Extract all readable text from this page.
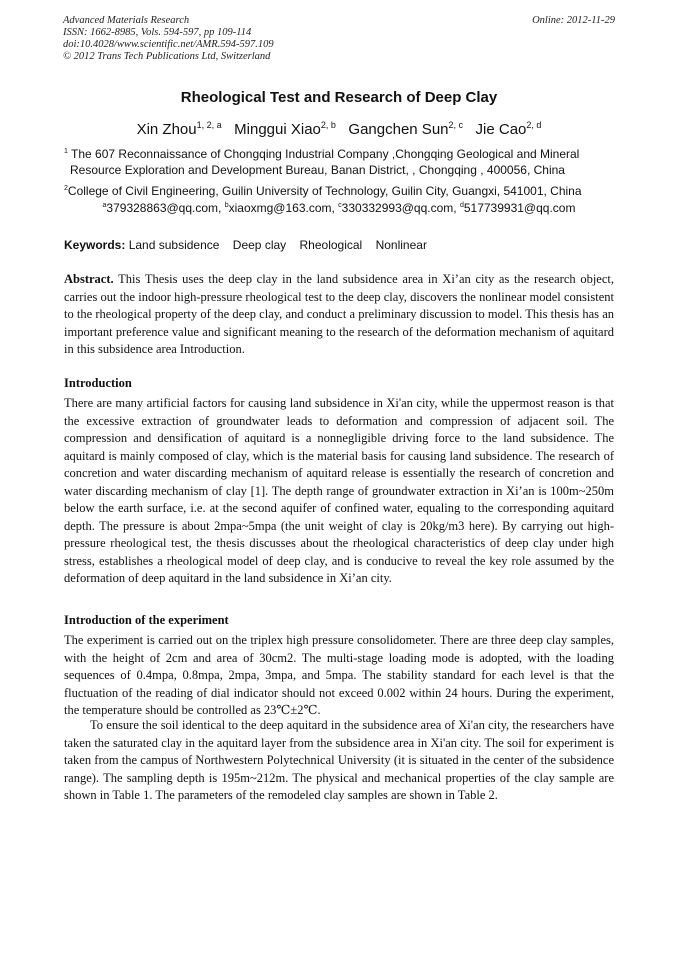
Advanced Materials Research
ISSN: 1662-8985, Vols. 594-597, pp 109-114
doi:10.4028/www.scientific.net/AMR.594-597.109
© 2012 Trans Tech Publications Ltd, Switzerland
Online: 2012-11-29
Rheological Test and Research of Deep Clay
Xin Zhou$^{1, 2, a}$ Minggui Xiao$^{2, b}$ Gangchen Sun$^{2, c}$ Jie Cao$^{2, d}$
$^1$ The 607 Reconnaissance of Chongqing Industrial Company ,Chongqing Geological and Mineral
Resource Exploration and Development Bureau, Banan District, , Chongqing , 400056, China
$^2$College of Civil Engineering, Guilin University of Technology, Guilin City, Guangxi, 541001, China
$^a$379328863@qq.com, $^b$xiaoxmg@163.com, $^c$330332993@qq.com, $^d$517739931@qq.com
Keywords: Land subsidence Deep clay Rheological Nonlinear
Abstract. This Thesis uses the deep clay in the land subsidence area in Xi’an city as the research object, carries out the indoor high-pressure rheological test to the deep clay, discovers the nonlinear model consistent to the rheological property of the deep clay, and conduct a preliminary discussion to model. This thesis has an important preference value and significant meaning to the research of the deformation mechanism of aquitard in this subsidence area Introduction.
Introduction
There are many artificial factors for causing land subsidence in Xi'an city, while the uppermost reason is that the excessive extraction of groundwater leads to deformation and compression of adjacent soil. The compression and densification of aquitard is a nonnegligible driving force to the land subsidence. The aquitard is mainly composed of clay, which is the material basis for causing land subsidence. The research of concretion and water discarding mechanism of aquitard release is essentially the research of concretion and water discarding mechanism of clay [1]. The depth range of groundwater extraction in Xi’an is 100m~250m below the earth surface, i.e. at the second aquifer of confined water, equaling to the corresponding aquitard depth. The pressure is about 2mpa~5mpa (the unit weight of clay is 20kg/m3 here). By carrying out high-pressure rheological test, the thesis discusses about the rheological characteristics of deep clay under high stress, establishes a rheological model of deep clay, and is conducive to reveal the key role assumed by the deformation of deep aquitard in the land subsidence in Xi’an city.
Introduction of the experiment
The experiment is carried out on the triplex high pressure consolidometer. There are three deep clay samples, with the height of 2cm and area of 30cm2. The multi-stage loading mode is adopted, with the loading sequences of 0.4mpa, 0.8mpa, 2mpa, 3mpa, and 5mpa. The stability standard for each level is that the fluctuation of the reading of dial indicator should not exceed 0.002 within 24 hours. During the experiment, the temperature should be controlled as 23℃±2℃.
To ensure the soil identical to the deep aquitard in the subsidence area of Xi'an city, the researchers have taken the saturated clay in the aquitard layer from the subsidence area in Xi'an city. The soil for experiment is taken from the campus of Northwestern Polytechnical University (it is situated in the center of the subsidence range). The sampling depth is 195m~212m. The physical and mechanical properties of the clay sample are shown in Table 1. The parameters of the remodeled clay samples are shown in Table 2.
